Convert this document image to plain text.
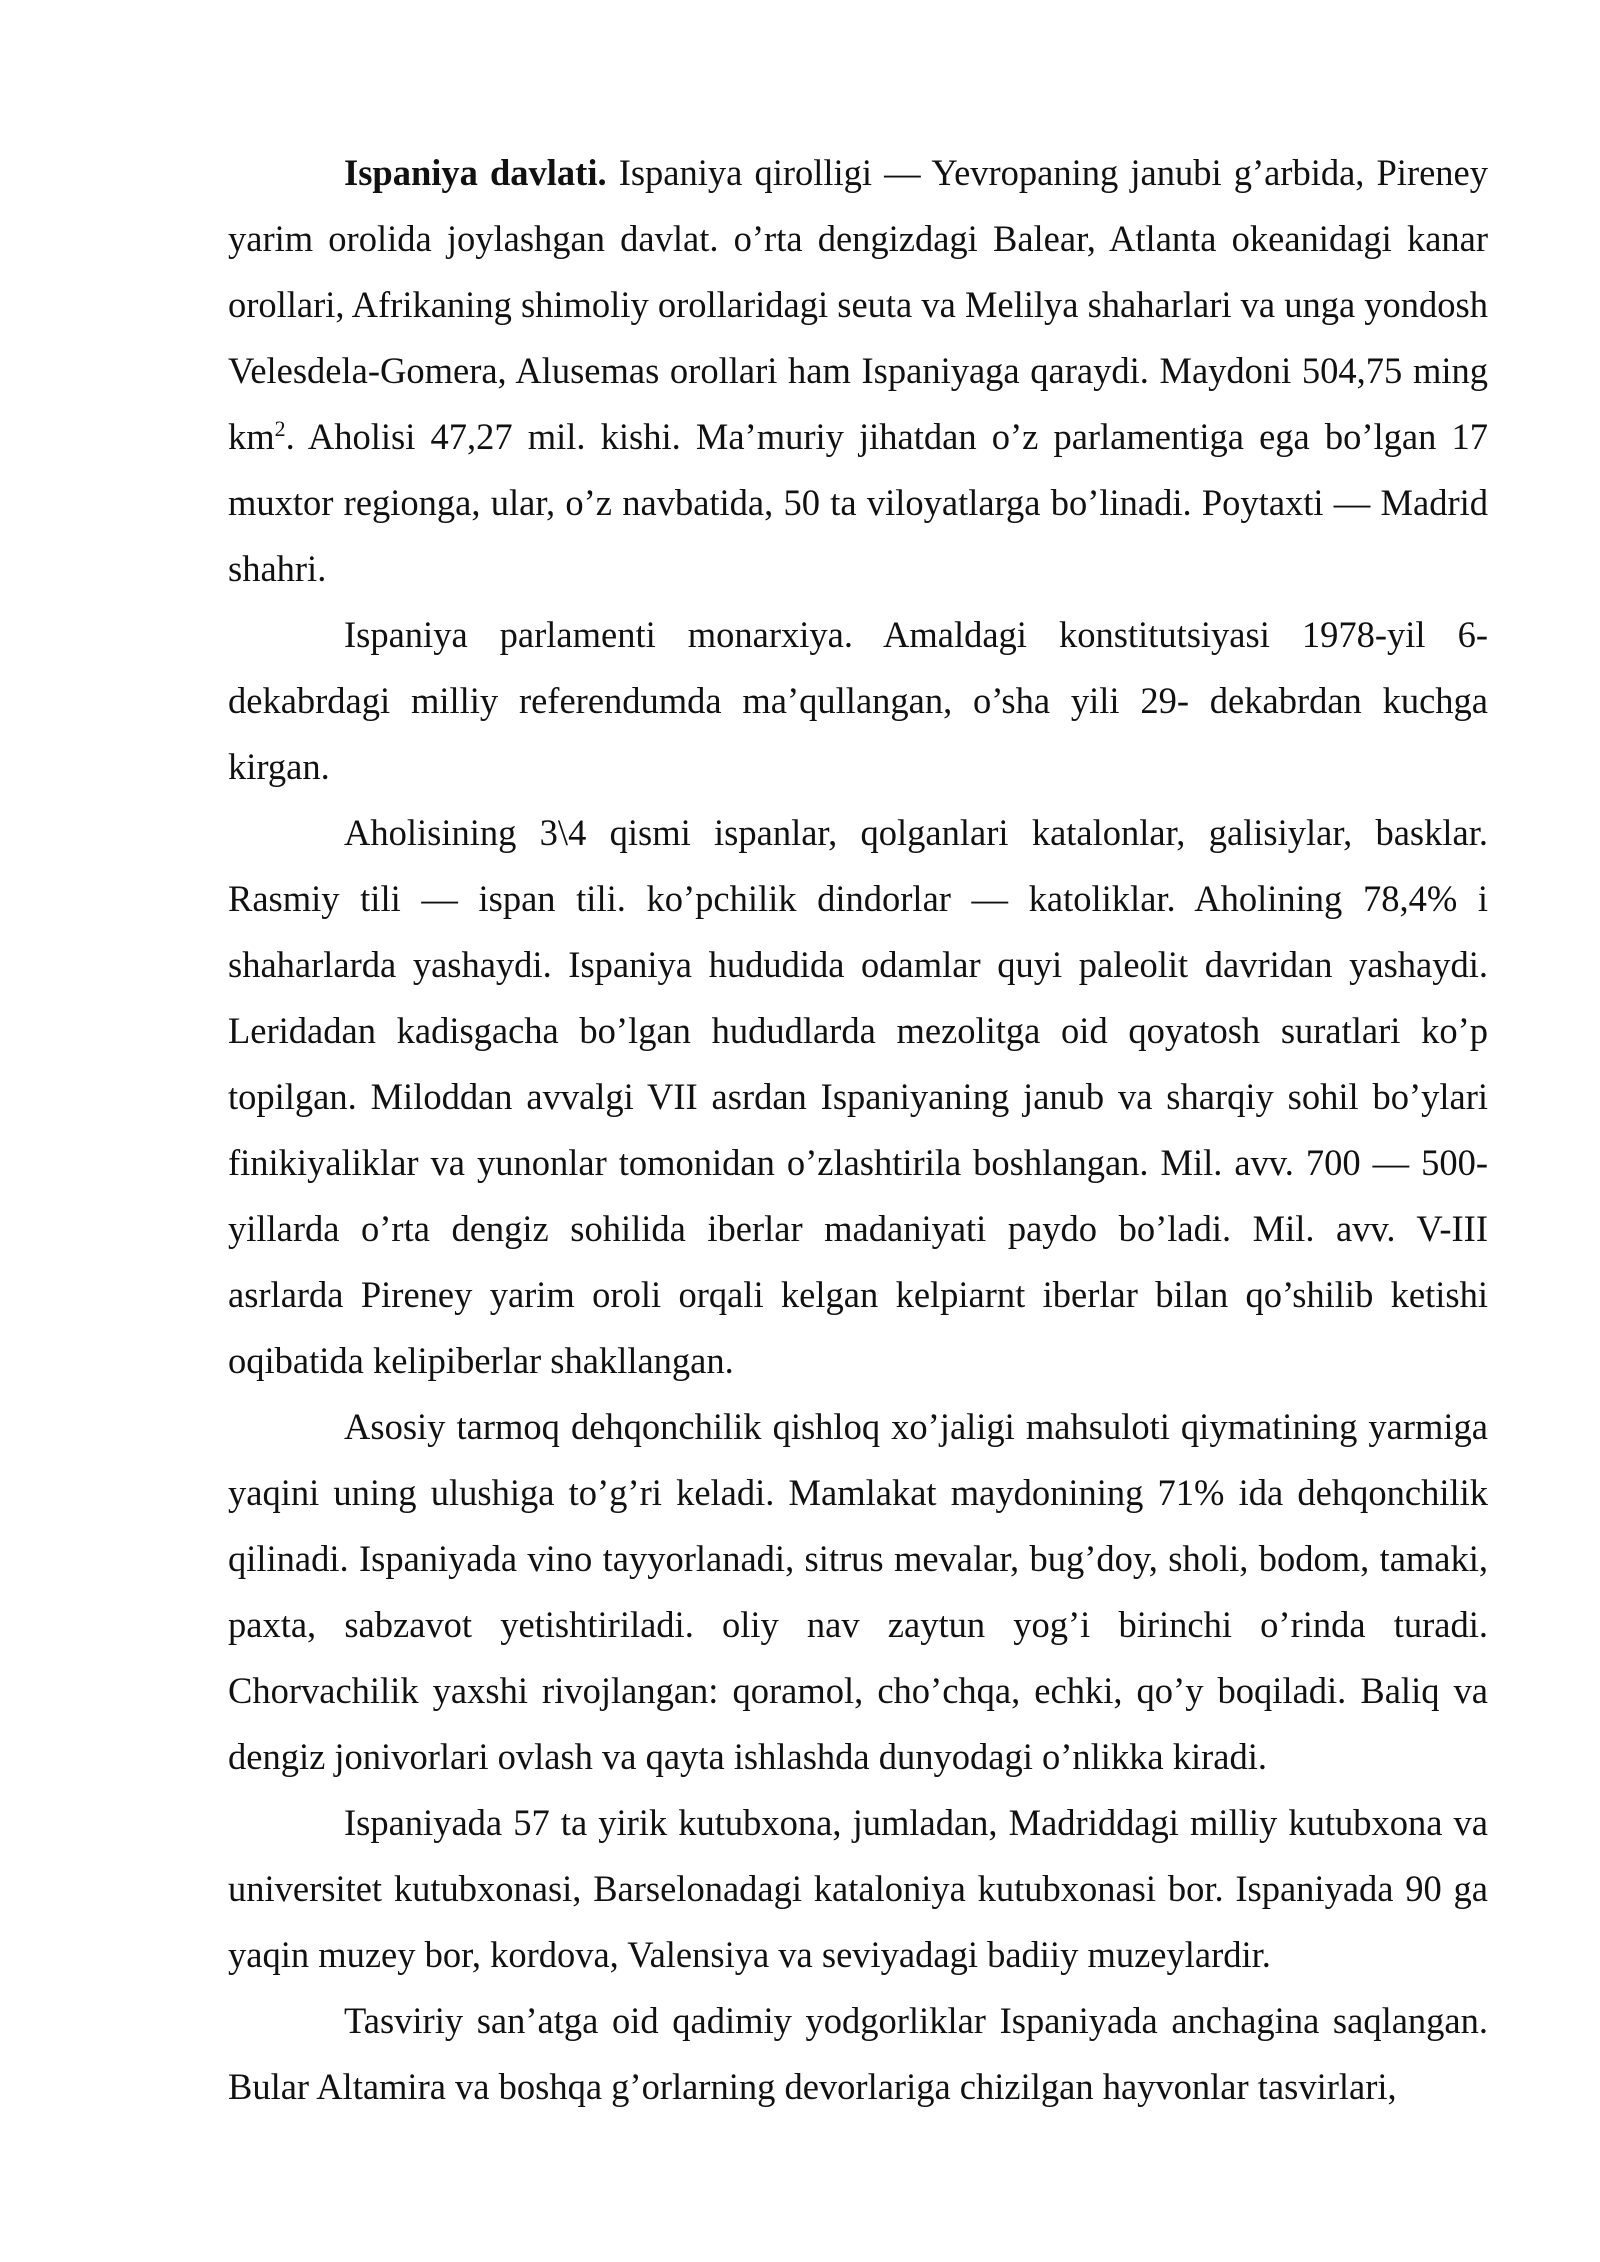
Ispaniya davlati. Ispaniya qirolligi — Yevropaning janubi g’arbida, Pireney yarim orolida joylashgan davlat. o’rta dengizdagi Balear, Atlanta okeanidagi kanar orollari, Afrikaning shimoliy orollaridagi seuta va Melilya shaharlari va unga yondosh Velesdela-Gomera, Alusemas orollari ham Ispaniyaga qaraydi. Maydoni 504,75 ming $km^2$. Aholisi 47,27 mil. kishi. Ma’muriy jihatdan o’z parlamentiga ega bo’lgan 17 muxtor regionga, ular, o’z navbatida, 50 ta viloyatlarga bo’linadi. Poytaxti — Madrid shahri.

Ispaniya parlamenti monarxiya. Amaldagi konstitutsiyasi 1978-yil 6-dekabrdagi milliy referendumda ma’qullangan, o’sha yili 29- dekabrdan kuchga kirgan.

Aholisining 3\4 qismi ispanlar, qolganlari katalonlar, galisiylar, basklar. Rasmiy tili — ispan tili. ko’pchilik dindorlar — katoliklar. Aholining 78,4% i shaharlarda yashaydi. Ispaniya hududida odamlar quyi paleolit davridan yashaydi. Leridadan kadisgacha bo’lgan hududlarda mezolitga oid qoyatosh suratlari ko’p topilgan. Miloddan avvalgi VII asrdan Ispaniyaning janub va sharqiy sohil bo’ylari finikiyaliklar va yunonlar tomonidan o’zlashtirila boshlangan. Mil. avv. 700 — 500-yillarda o’rta dengiz sohilida iberlar madaniyati paydo bo’ladi. Mil. avv. V-III asrlarda Pireney yarim oroli orqali kelgan kelpiarnt iberlar bilan qo’shilib ketishi oqibatida kelipiberlar shakllangan.

Asosiy tarmoq dehqonchilik qishloq xo’jaligi mahsuloti qiymatining yarmiga yaqini uning ulushiga to’g’ri keladi. Mamlakat maydonining 71% ida dehqonchilik qilinadi. Ispaniyada vino tayyorlanadi, sitrus mevalar, bug’doy, sholi, bodom, tamaki, paxta, sabzavot yetishtiriladi. oliy nav zaytun yog’i birinchi o’rinda turadi. Chorvachilik yaxshi rivojlangan: qoramol, cho’chqa, echki, qo’y boqiladi. Baliq va dengiz jonivorlari ovlash va qayta ishlashda dunyodagi o’nlikka kiradi.

Ispaniyada 57 ta yirik kutubxona, jumladan, Madriddagi milliy kutubxona va universitet kutubxonasi, Barselonadagi kataloniya kutubxonasi bor. Ispaniyada 90 ga yaqin muzey bor, kordova, Valensiya va seviyadagi badiiy muzeylardir.

Tasviriy san’atga oid qadimiy yodgorliklar Ispaniyada anchagina saqlangan. Bular Altamira va boshqa g’orlarning devorlariga chizilgan hayvonlar tasvirlari,
